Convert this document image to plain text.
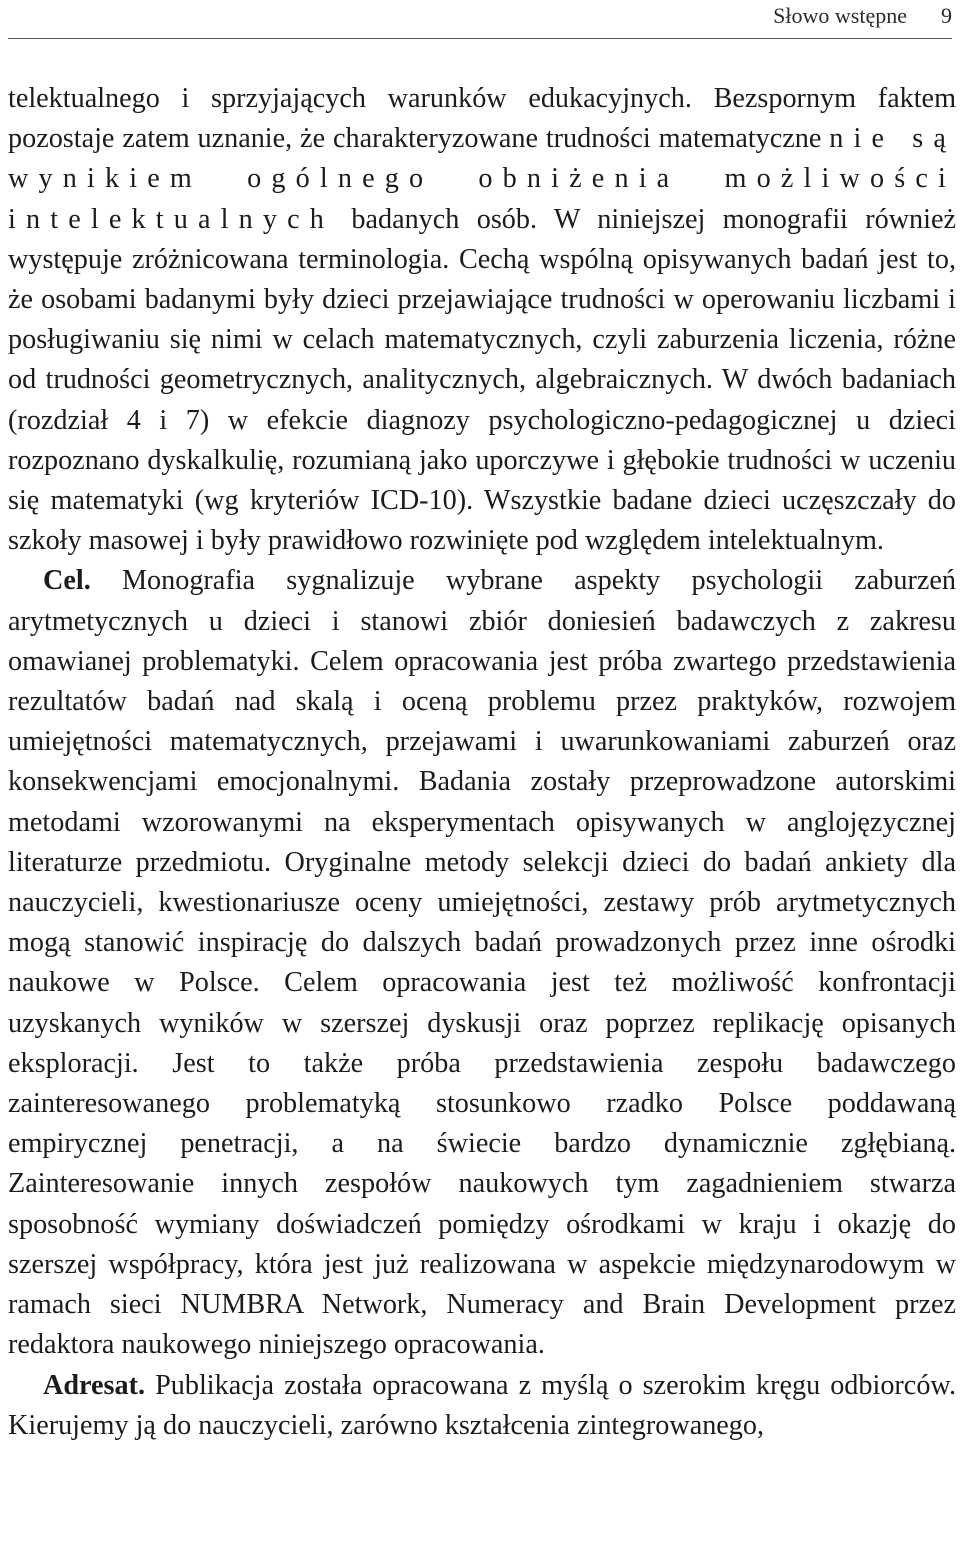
Słowo wstępne 9

telektualnego i sprzyjających warunków edukacyjnych. Bezspornym faktem pozostaje zatem uznanie, że charakteryzowane trudności matematyczne nie są wynikiem ogólnego obniżenia możliwości intelektualnych badanych osób. W niniejszej monografii również występuje zróżnicowana terminologia. Cechą wspólną opisywanych badań jest to, że osobami badanymi były dzieci przejawiające trudności w operowaniu liczbami i posługiwaniu się nimi w celach matematycznych, czyli zaburzenia liczenia, różne od trudności geometrycznych, analitycznych, algebraicznych. W dwóch badaniach (rozdział 4 i 7) w efekcie diagnozy psychologiczno-pedagogicznej u dzieci rozpoznano dyskalkulię, rozumianą jako uporczywe i głębokie trudności w uczeniu się matematyki (wg kryteriów ICD-10). Wszystkie badane dzieci uczęszczały do szkoły masowej i były prawidłowo rozwinięte pod względem intelektualnym.

Cel. Monografia sygnalizuje wybrane aspekty psychologii zaburzeń arytmetycznych u dzieci i stanowi zbiór doniesień badawczych z zakresu omawianej problematyki. Celem opracowania jest próba zwartego przedstawienia rezultatów badań nad skalą i oceną problemu przez praktyków, rozwojem umiejętności matematycznych, przejawami i uwarunkowaniami zaburzeń oraz konsekwencjami emocjonalnymi. Badania zostały przeprowadzone autorskimi metodami wzorowanymi na eksperymentach opisywanych w anglojęzycznej literaturze przedmiotu. Oryginalne metody selekcji dzieci do badań ankiety dla nauczycieli, kwestionariusze oceny umiejętności, zestawy prób arytmetycznych mogą stanowić inspirację do dalszych badań prowadzonych przez inne ośrodki naukowe w Polsce. Celem opracowania jest też możliwość konfrontacji uzyskanych wyników w szerszej dyskusji oraz poprzez replikację opisanych eksploracji. Jest to także próba przedstawienia zespołu badawczego zainteresowanego problematyką stosunkowo rzadko Polsce poddawaną empirycznej penetracji, a na świecie bardzo dynamicznie zgłębianą. Zainteresowanie innych zespołów naukowych tym zagadnieniem stwarza sposobność wymiany doświadczeń pomiędzy ośrodkami w kraju i okazję do szerszej współpracy, która jest już realizowana w aspekcie międzynarodowym w ramach sieci NUMBRA Network, Numeracy and Brain Development przez redaktora naukowego niniejszego opracowania.

Adresat. Publikacja została opracowana z myślą o szerokim kręgu odbiorców. Kierujemy ją do nauczycieli, zarówno kształcenia zintegrowanego,
